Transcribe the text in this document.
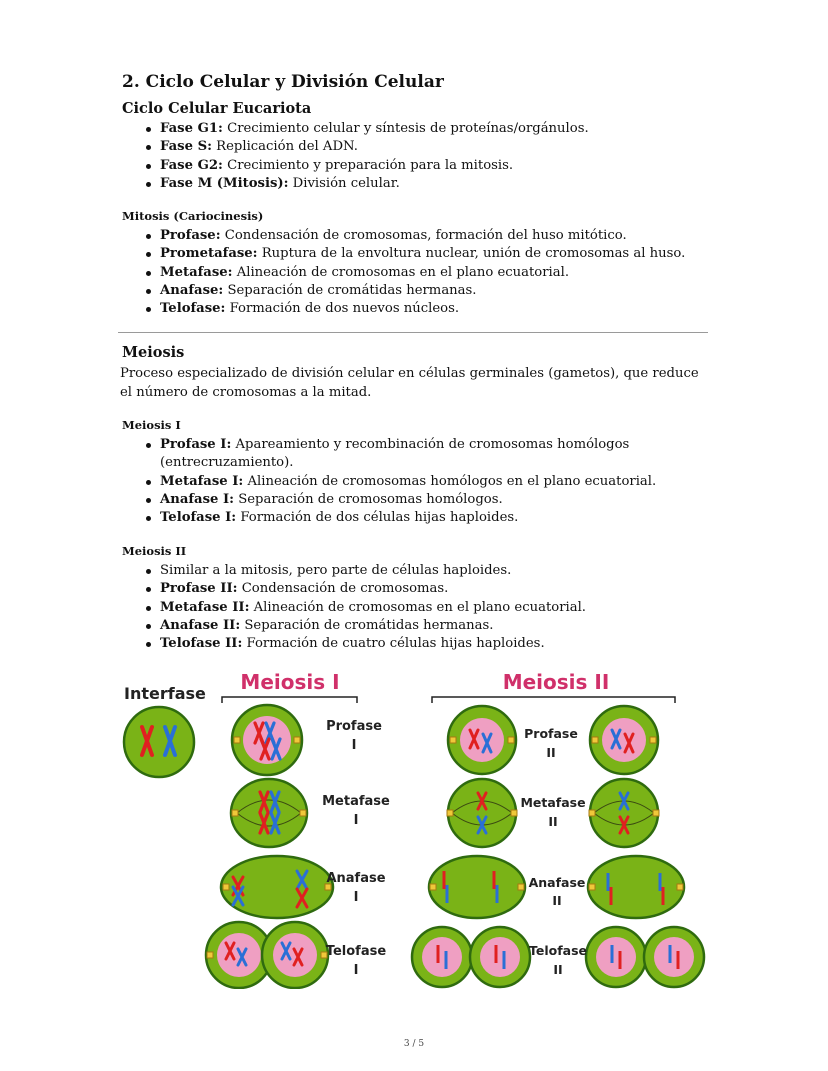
2. Ciclo Celular y División Celular
Ciclo Celular Eucariota
Fase G1: Crecimiento celular y síntesis de proteínas/orgánulos.
Fase S: Replicación del ADN.
Fase G2: Crecimiento y preparación para la mitosis.
Fase M (Mitosis): División celular.
Mitosis (Cariocinesis)
Profase: Condensación de cromosomas, formación del huso mitótico.
Prometafase: Ruptura de la envoltura nuclear, unión de cromosomas al huso.
Metafase: Alineación de cromosomas en el plano ecuatorial.
Anafase: Separación de cromátidas hermanas.
Telofase: Formación de dos nuevos núcleos.
Meiosis

Proceso especializado de división celular en células germinales (gametos), que reduce el número de cromosomas a la mitad.

Meiosis I
Profase I: Apareamiento y recombinación de cromosomas homólogos (entrecruzamiento).
Metafase I: Alineación de cromosomas homólogos en el plano ecuatorial.
Anafase I: Separación de cromosomas homólogos.
Telofase I: Formación de dos células hijas haploides.
Meiosis II
Similar a la mitosis, pero parte de células haploides.
Profase II: Condensación de cromosomas.
Metafase II: Alineación de cromosomas en el plano ecuatorial.
Anafase II: Separación de cromátidas hermanas.
Telofase II: Formación de cuatro células hijas haploides.
Interfase Meiosis I	Meiosis II
Profase
I
Metafase
I
Anafase
I
Telofase
I
Profase
II
Metafase
II
Anafase
II
Telofase
II
3 / 5
